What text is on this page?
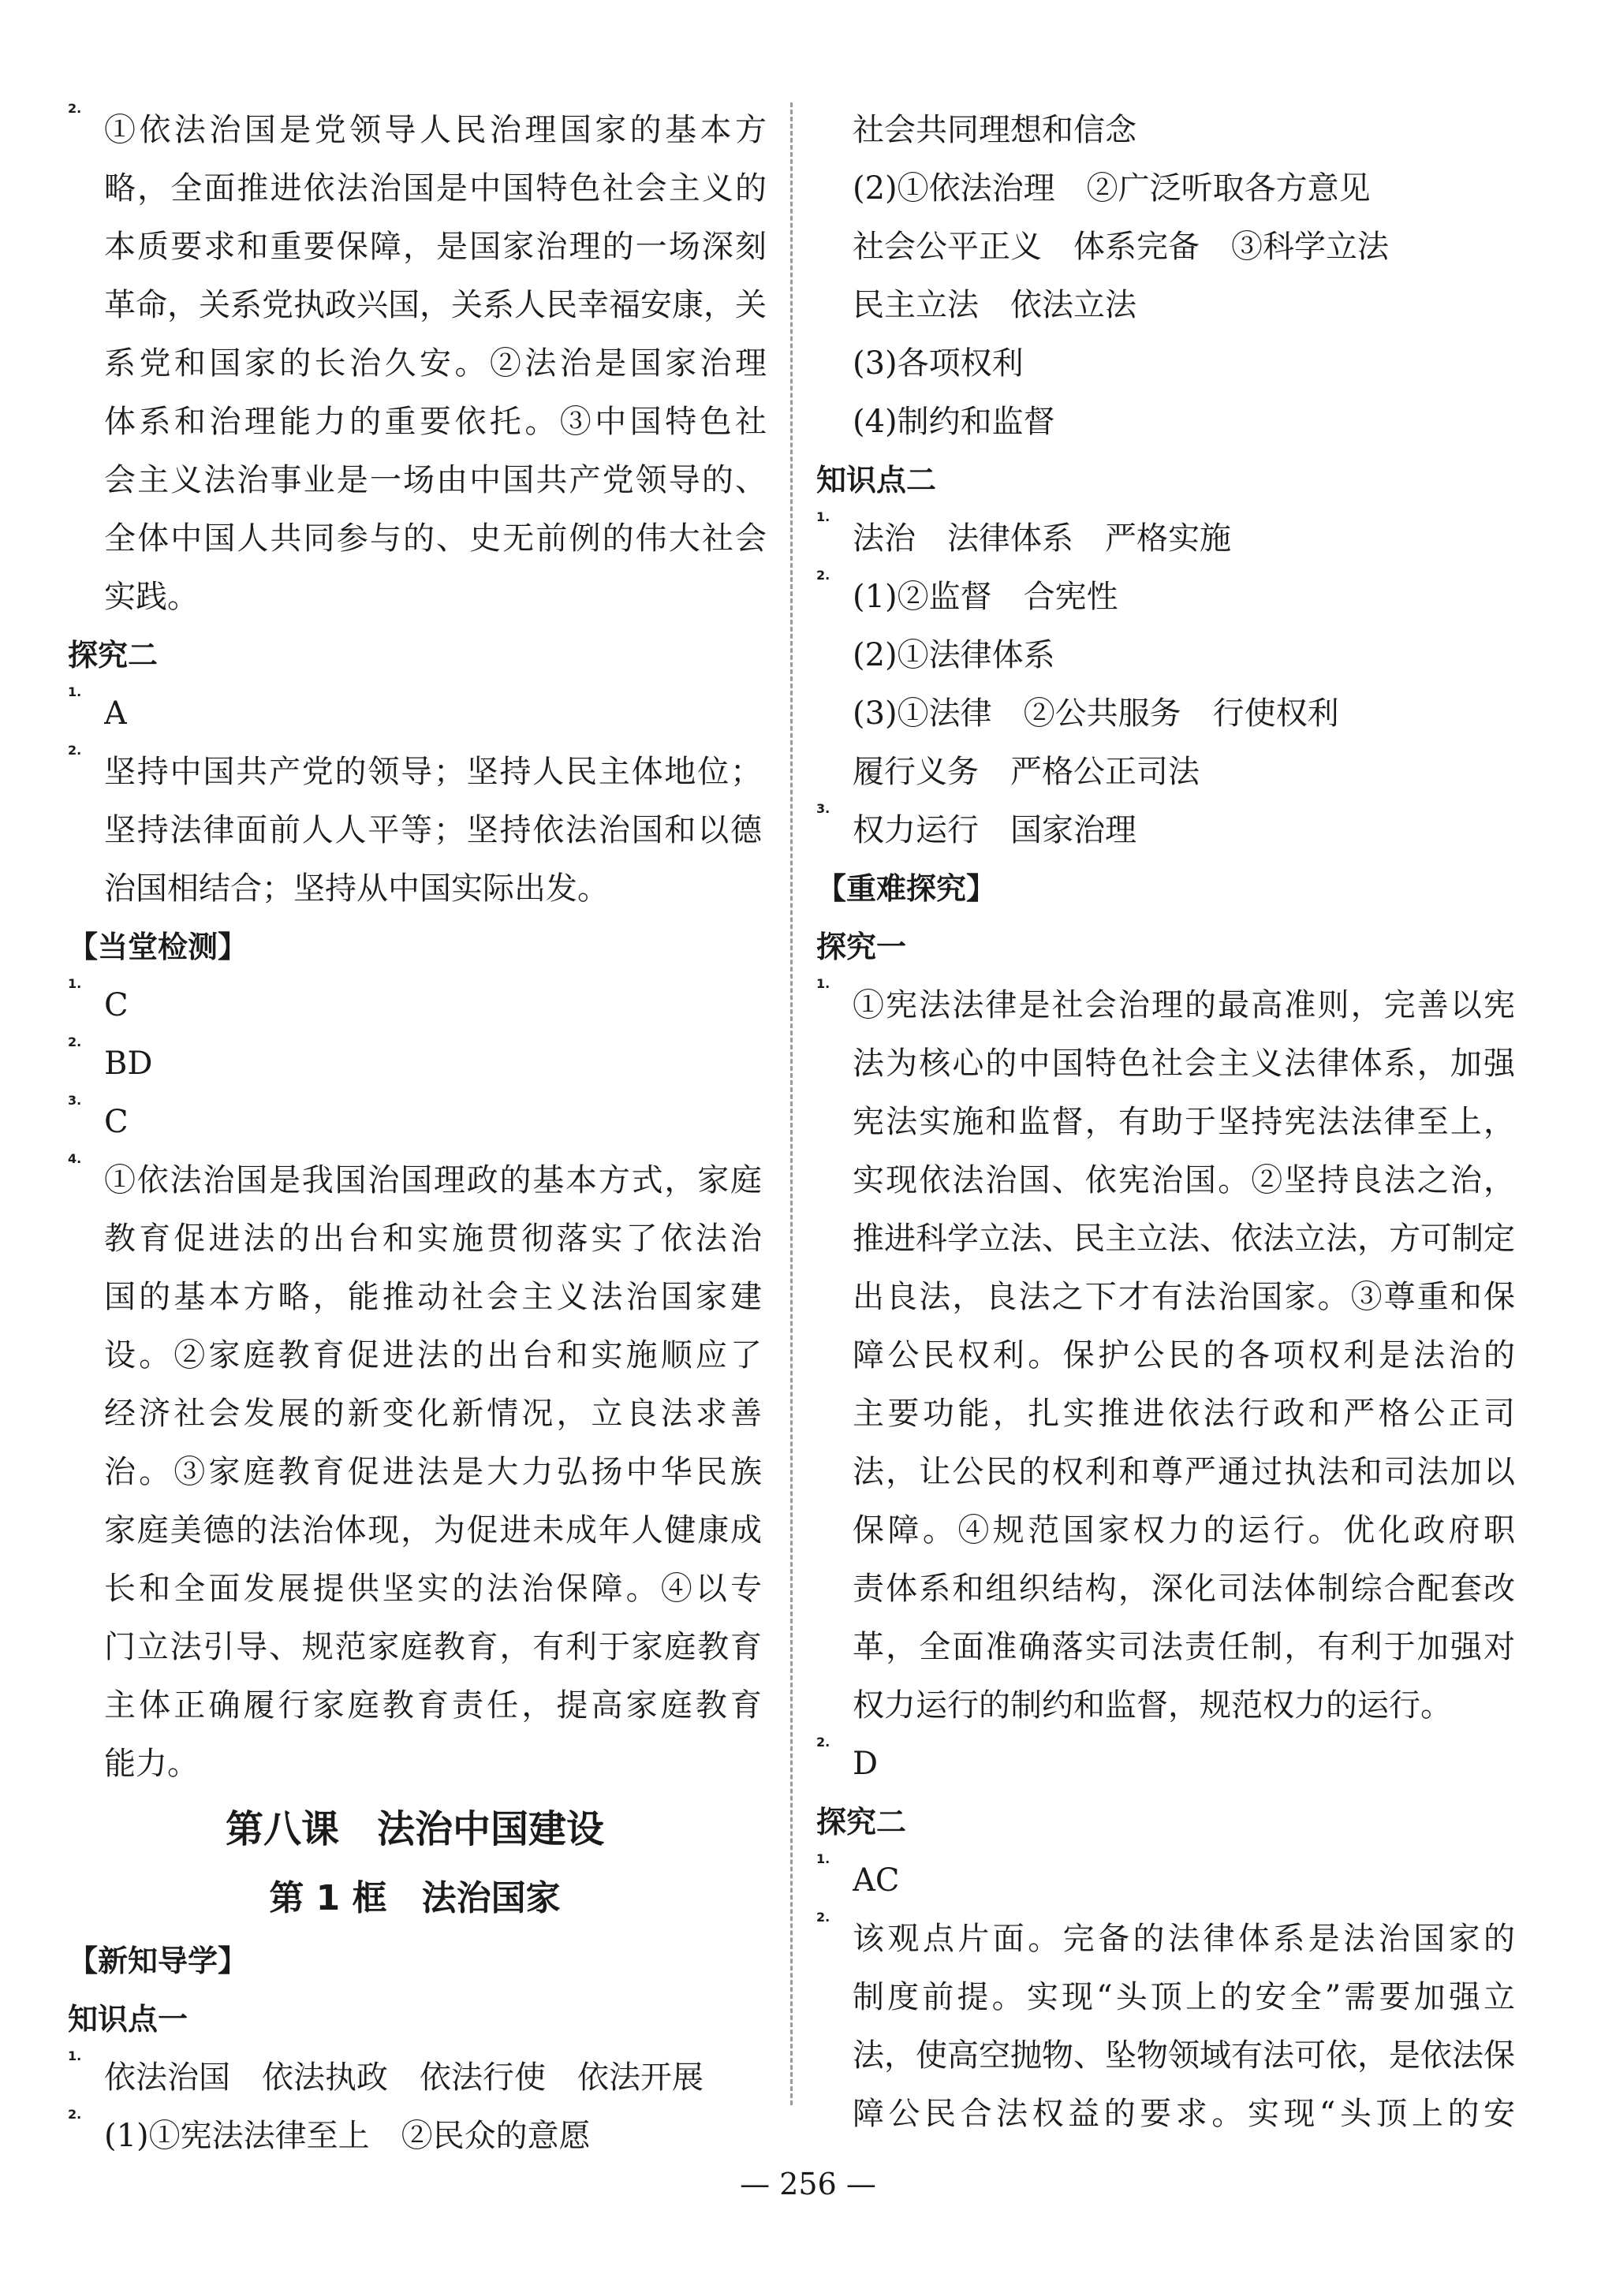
2.
①依法治国是党领导人民治理国家的基本方
略，全面推进依法治国是中国特色社会主义的
本质要求和重要保障，是国家治理的一场深刻
革命，关系党执政兴国，关系人民幸福安康，关
系党和国家的长治久安。②法治是国家治理
体系和治理能力的重要依托。③中国特色社
会主义法治事业是一场由中国共产党领导的、
全体中国人共同参与的、史无前例的伟大社会
实践。
探究二
1.
A
2.
坚持中国共产党的领导；坚持人民主体地位；
坚持法律面前人人平等；坚持依法治国和以德
治国相结合；坚持从中国实际出发。
【当堂检测】
1.
C
2.
BD
3.
C
4.
①依法治国是我国治国理政的基本方式，家庭
教育促进法的出台和实施贯彻落实了依法治
国的基本方略，能推动社会主义法治国家建
设。②家庭教育促进法的出台和实施顺应了
经济社会发展的新变化新情况，立良法求善
治。③家庭教育促进法是大力弘扬中华民族
家庭美德的法治体现，为促进未成年人健康成
长和全面发展提供坚实的法治保障。④以专
门立法引导、规范家庭教育，有利于家庭教育
主体正确履行家庭教育责任，提高家庭教育
能力。
第八课　法治中国建设
第 1 框　法治国家
【新知导学】
知识点一
1.
依法治国　依法执政　依法行使　依法开展
2.
(1)①宪法法律至上　②民众的意愿
社会共同理想和信念
(2)①依法治理　②广泛听取各方意见
社会公平正义　体系完备　③科学立法
民主立法　依法立法
(3)各项权利
(4)制约和监督
知识点二
1.
法治　法律体系　严格实施
2.
(1)②监督　合宪性
(2)①法律体系
(3)①法律　②公共服务　行使权利
履行义务　严格公正司法
3.
权力运行　国家治理
【重难探究】
探究一
1.
①宪法法律是社会治理的最高准则，完善以宪
法为核心的中国特色社会主义法律体系，加强
宪法实施和监督，有助于坚持宪法法律至上，
实现依法治国、依宪治国。②坚持良法之治，
推进科学立法、民主立法、依法立法，方可制定
出良法，良法之下才有法治国家。③尊重和保
障公民权利。保护公民的各项权利是法治的
主要功能，扎实推进依法行政和严格公正司
法，让公民的权利和尊严通过执法和司法加以
保障。④规范国家权力的运行。优化政府职
责体系和组织结构，深化司法体制综合配套改
革，全面准确落实司法责任制，有利于加强对
权力运行的制约和监督，规范权力的运行。
2.
D
探究二
1.
AC
2.
该观点片面。完备的法律体系是法治国家的
制度前提。实现“头顶上的安全”需要加强立
法，使高空抛物、坠物领域有法可依，是依法保
障公民合法权益的要求。实现“头顶上的安
— 256 —
